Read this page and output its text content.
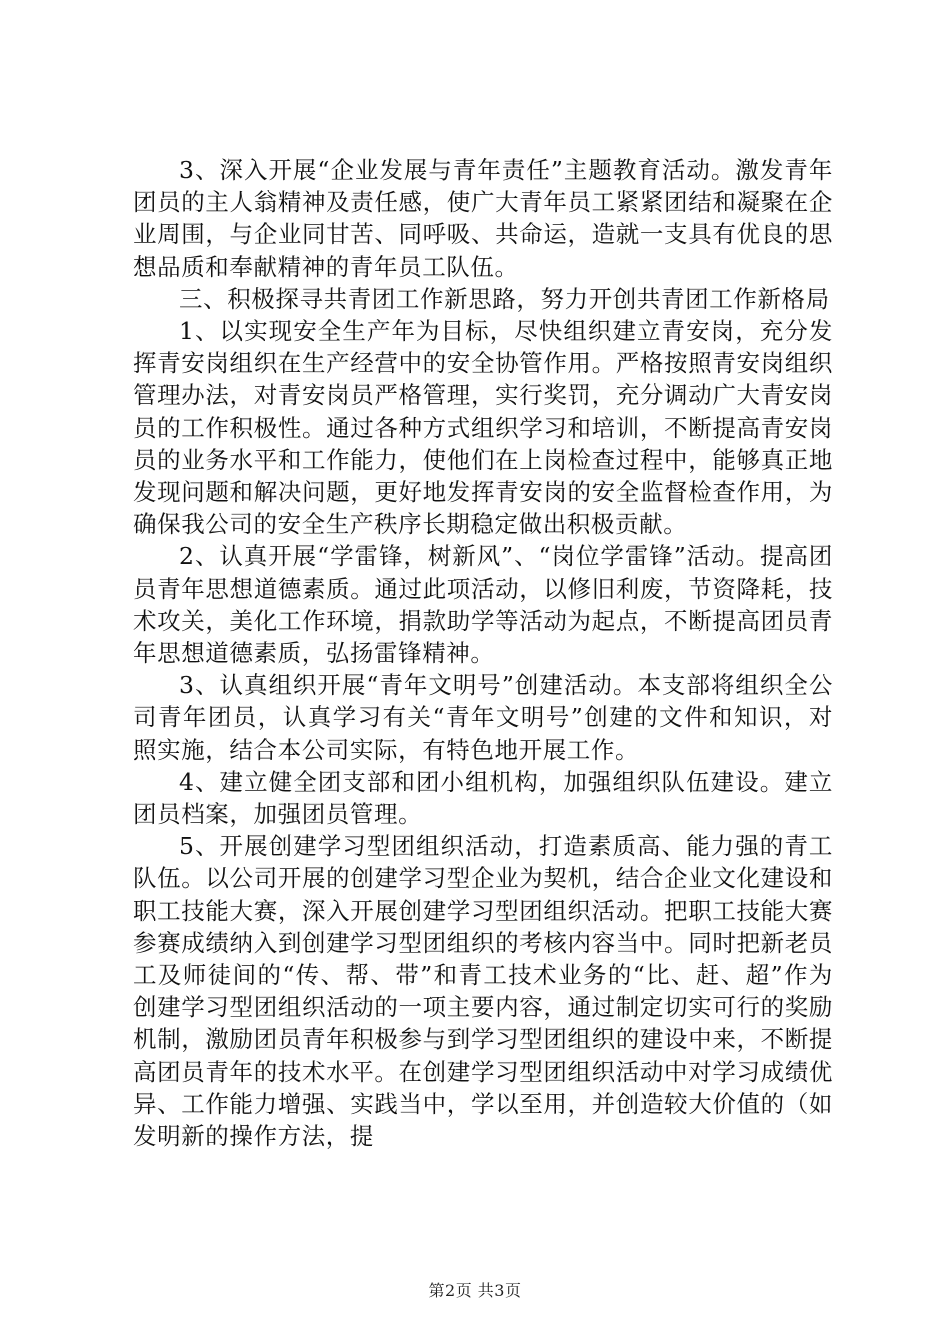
3、深入开展“企业发展与青年责任”主题教育活动。激发青年团员的主人翁精神及责任感，使广大青年员工紧紧团结和凝聚在企业周围，与企业同甘苦、同呼吸、共命运，造就一支具有优良的思想品质和奉献精神的青年员工队伍。

三、积极探寻共青团工作新思路，努力开创共青团工作新格局

1、以实现安全生产年为目标，尽快组织建立青安岗，充分发挥青安岗组织在生产经营中的安全协管作用。严格按照青安岗组织管理办法，对青安岗员严格管理，实行奖罚，充分调动广大青安岗员的工作积极性。通过各种方式组织学习和培训，不断提高青安岗员的业务水平和工作能力，使他们在上岗检查过程中，能够真正地发现问题和解决问题，更好地发挥青安岗的安全监督检查作用，为确保我公司的安全生产秩序长期稳定做出积极贡献。

2、认真开展“学雷锋，树新风”、“岗位学雷锋”活动。提高团员青年思想道德素质。通过此项活动，以修旧利废，节资降耗，技术攻关，美化工作环境，捐款助学等活动为起点，不断提高团员青年思想道德素质，弘扬雷锋精神。

3、认真组织开展“青年文明号”创建活动。本支部将组织全公司青年团员，认真学习有关“青年文明号”创建的文件和知识，对照实施，结合本公司实际，有特色地开展工作。

4、建立健全团支部和团小组机构，加强组织队伍建设。建立团员档案，加强团员管理。

5、开展创建学习型团组织活动，打造素质高、能力强的青工队伍。以公司开展的创建学习型企业为契机，结合企业文化建设和职工技能大赛，深入开展创建学习型团组织活动。把职工技能大赛参赛成绩纳入到创建学习型团组织的考核内容当中。同时把新老员工及师徒间的“传、帮、带”和青工技术业务的“比、赶、超”作为创建学习型团组织活动的一项主要内容，通过制定切实可行的奖励机制，激励团员青年积极参与到学习型团组织的建设中来，不断提高团员青年的技术水平。在创建学习型团组织活动中对学习成绩优异、工作能力增强、实践当中，学以至用，并创造较大价值的（如发明新的操作方法，提

第2页 共3页
